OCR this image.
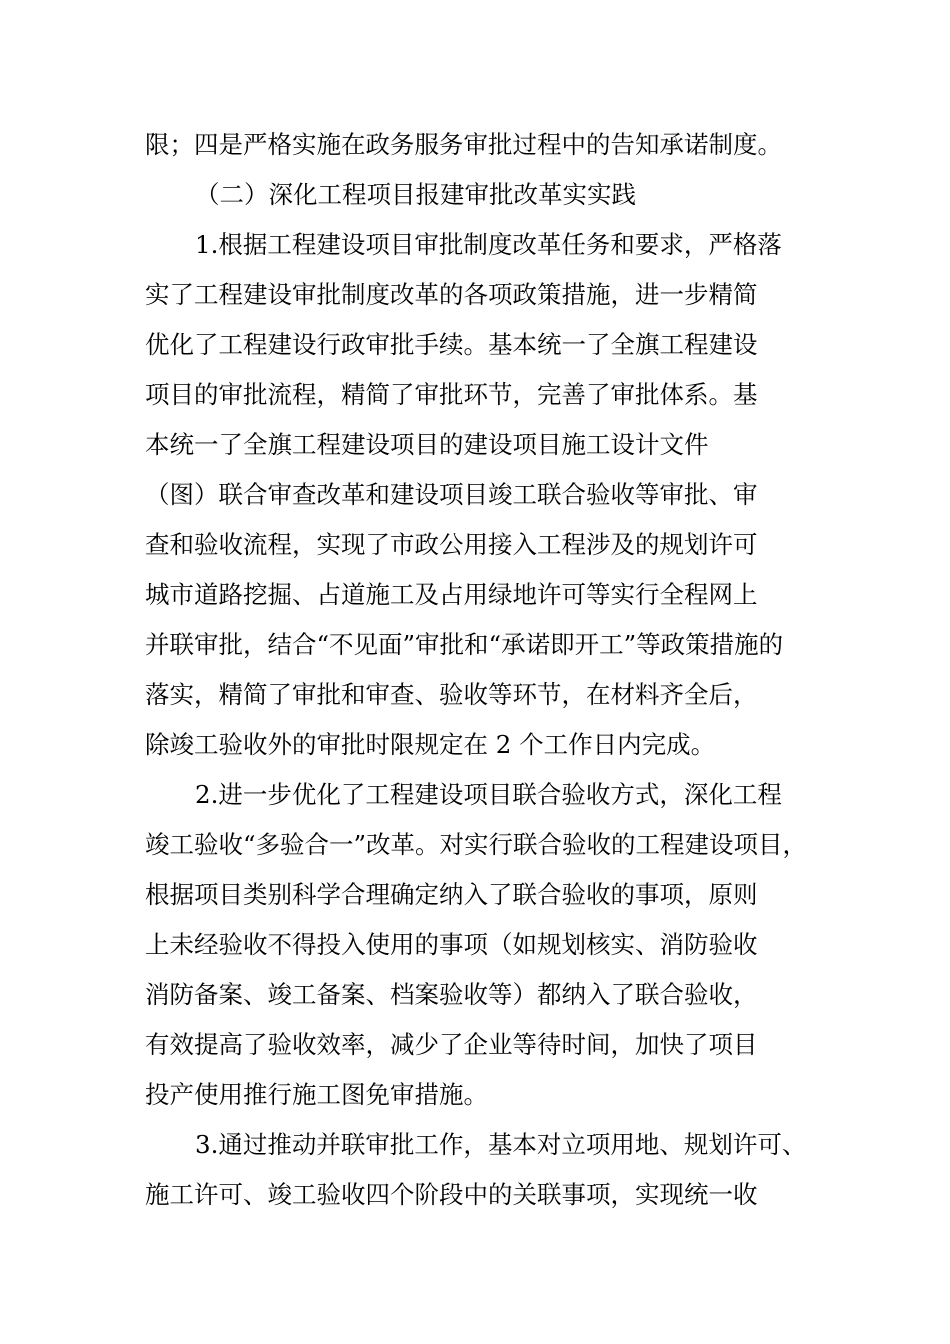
限；四是严格实施在政务服务审批过程中的告知承诺制度。
（二）深化工程项目报建审批改革实实践
1.根据工程建设项目审批制度改革任务和要求，严格落
实了工程建设审批制度改革的各项政策措施，进一步精简
优化了工程建设行政审批手续。基本统一了全旗工程建设
项目的审批流程，精简了审批环节，完善了审批体系。基
本统一了全旗工程建设项目的建设项目施工设计文件
（图）联合审查改革和建设项目竣工联合验收等审批、审
查和验收流程，实现了市政公用接入工程涉及的规划许可
城市道路挖掘、占道施工及占用绿地许可等实行全程网上
并联审批，结合“不见面”审批和“承诺即开工”等政策措施的
落实，精简了审批和审查、验收等环节，在材料齐全后，
除竣工验收外的审批时限规定在 2 个工作日内完成。
2.进一步优化了工程建设项目联合验收方式，深化工程
竣工验收“多验合一”改革。对实行联合验收的工程建设项目，
根据项目类别科学合理确定纳入了联合验收的事项，原则
上未经验收不得投入使用的事项（如规划核实、消防验收
消防备案、竣工备案、档案验收等）都纳入了联合验收，
有效提高了验收效率，减少了企业等待时间，加快了项目
投产使用推行施工图免审措施。
3.通过推动并联审批工作，基本对立项用地、规划许可、
施工许可、竣工验收四个阶段中的关联事项，实现统一收
